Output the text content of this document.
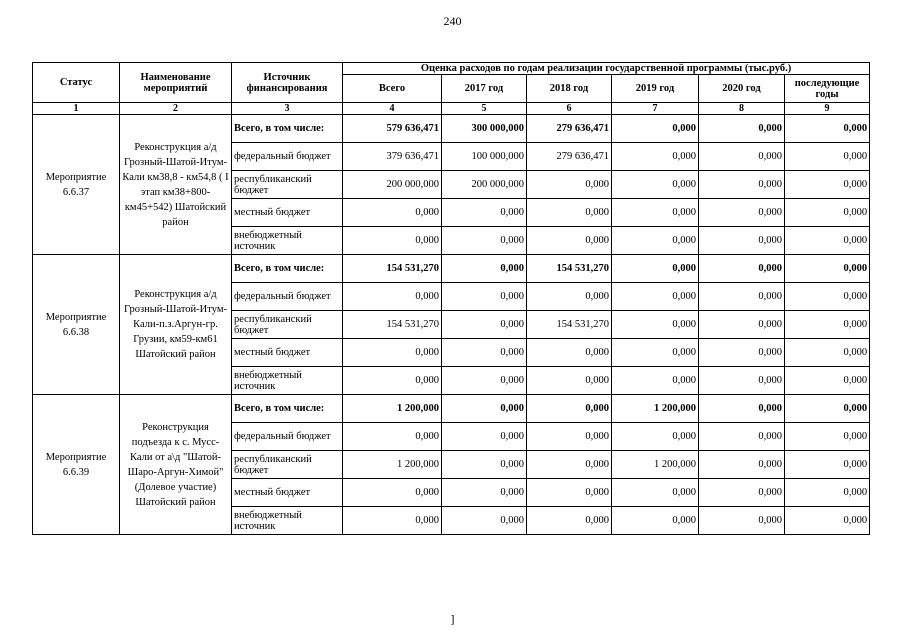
240
Статус	Наименование мероприятий	Источник финансирования	Оценка расходов по годам реализации государственной программы (тыс.руб.)					
			Всего	2017 год	2018 год	2019 год	2020 год	последующие годы
1	2	3	4	5	6	7	8	9
Мероприятие 6.6.37	Реконструкция а/д Грозный-Шатой-Итум-Кали км38,8 - км54,8 ( I этап км38+800-км45+542) Шатойский район	Всего, в том числе:	579 636,471	300 000,000	279 636,471	0,000	0,000	0,000
		федеральный бюджет	379 636,471	100 000,000	279 636,471	0,000	0,000	0,000
		республиканский бюджет	200 000,000	200 000,000	0,000	0,000	0,000	0,000
		местный бюджет	0,000	0,000	0,000	0,000	0,000	0,000
		внебюджетный источник	0,000	0,000	0,000	0,000	0,000	0,000
Мероприятие 6.6.38	Реконструкция а/д Грозный-Шатой-Итум-Кали-п.з.Аргун-гр. Грузии, км59-км61 Шатойский район	Всего, в том числе:	154 531,270	0,000	154 531,270	0,000	0,000	0,000
		федеральный бюджет	0,000	0,000	0,000	0,000	0,000	0,000
		республиканский бюджет	154 531,270	0,000	154 531,270	0,000	0,000	0,000
		местный бюджет	0,000	0,000	0,000	0,000	0,000	0,000
		внебюджетный источник	0,000	0,000	0,000	0,000	0,000	0,000
Мероприятие 6.6.39	Реконструкция подъезда к с. Мусс-Кали от а\д "Шатой-Шаро-Аргун-Химой" (Долевое участие) Шатойский район	Всего, в том числе:	1 200,000	0,000	0,000	1 200,000	0,000	0,000
		федеральный бюджет	0,000	0,000	0,000	0,000	0,000	0,000
		республиканский бюджет	1 200,000	0,000	0,000	1 200,000	0,000	0,000
		местный бюджет	0,000	0,000	0,000	0,000	0,000	0,000
		внебюджетный источник	0,000	0,000	0,000	0,000	0,000	0,000
]
